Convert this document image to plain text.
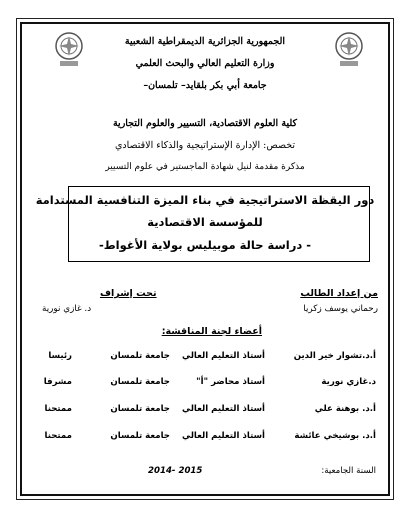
الجمهورية الجزائرية الديمقراطية الشعبية
وزارة التعليم العالي والبحث العلمي
جامعة أبي بكر بلقايد– تلمسان–
كلية العلوم الاقتصادية، التسيير والعلوم التجارية
تخصص: الإدارة الإستراتيجية والذكاء الاقتصادي
مذكرة مقدمة لنيل شهادة الماجستير في علوم التسيير
دور اليقظة الاستراتيجية في بناء الميزة التنافسية المستدامة
للمؤسسة الاقتصادية
- دراسة حالة موبيليس بولاية الأغواط-
من إعداد الطالب
رحماني يوسف زكريا
تحت إشراف
د. غازي نورية
أعضاء لجنة المناقشة:
أ.د.تشوار خير الدين
أستاذ التعليم العالي
جامعة تلمسان
رئيسا
د.غازي نورية
أستاذ محاضر "أ"
جامعة تلمسان
مشرفا
أ.د. بوهنة علي
أستاذ التعليم العالي
جامعة تلمسان
ممتحنا
أ.د. بوشيخي عائشة
أستاذ التعليم العالي
جامعة تلمسان
ممتحنا
السنة الجامعية:
2014- 2015
